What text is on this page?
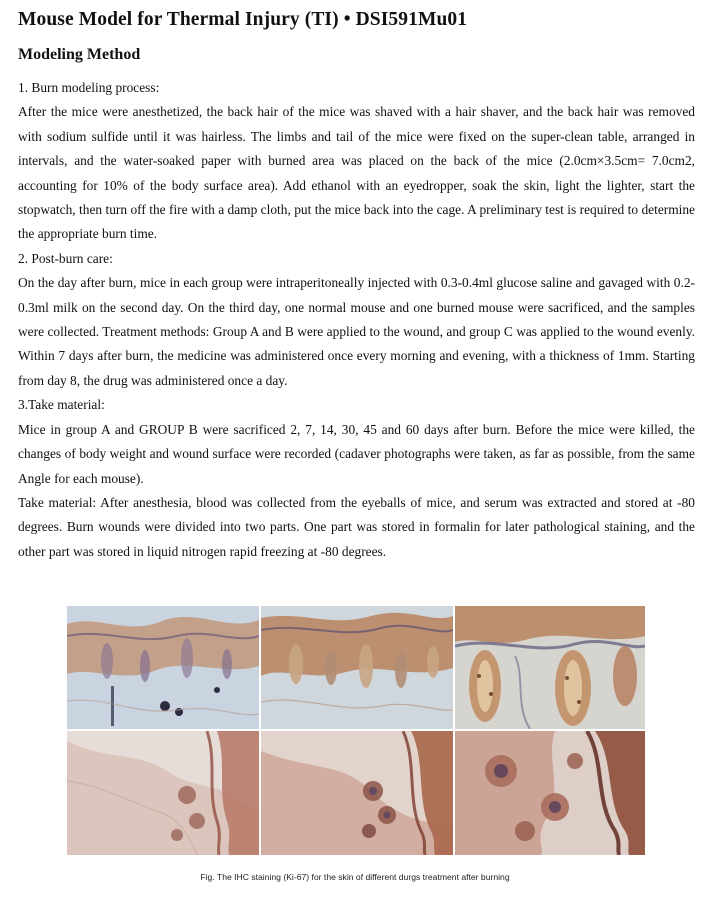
Mouse Model for Thermal Injury (TI) • DSI591Mu01
Modeling Method

1. Burn modeling process:

After the mice were anesthetized, the back hair of the mice was shaved with a hair shaver, and the back hair was removed with sodium sulfide until it was hairless. The limbs and tail of the mice were fixed on the super-clean table, arranged in intervals, and the water-soaked paper with burned area was placed on the back of the mice (2.0cm×3.5cm= 7.0cm2, accounting for 10% of the body surface area). Add ethanol with an eyedropper, soak the skin, light the lighter, start the stopwatch, then turn off the fire with a damp cloth, put the mice back into the cage. A preliminary test is required to determine the appropriate burn time.

2. Post-burn care:

On the day after burn, mice in each group were intraperitoneally injected with 0.3-0.4ml glucose saline and gavaged with 0.2-0.3ml milk on the second day. On the third day, one normal mouse and one burned mouse were sacrificed, and the samples were collected. Treatment methods: Group A and B were applied to the wound, and group C was applied to the wound evenly. Within 7 days after burn, the medicine was administered once every morning and evening, with a thickness of 1mm. Starting from day 8, the drug was administered once a day.

3.Take material:

Mice in group A and GROUP B were sacrificed 2, 7, 14, 30, 45 and 60 days after burn. Before the mice were killed, the changes of body weight and wound surface were recorded (cadaver photographs were taken, as far as possible, from the same Angle for each mouse).

Take material: After anesthesia, blood was collected from the eyeballs of mice, and serum was extracted and stored at -80 degrees. Burn wounds were divided into two parts. One part was stored in formalin for later pathological staining, and the other part was stored in liquid nitrogen rapid freezing at -80 degrees.

Fig. The IHC staining (Ki-67) for the skin of different durgs treatment after burning
